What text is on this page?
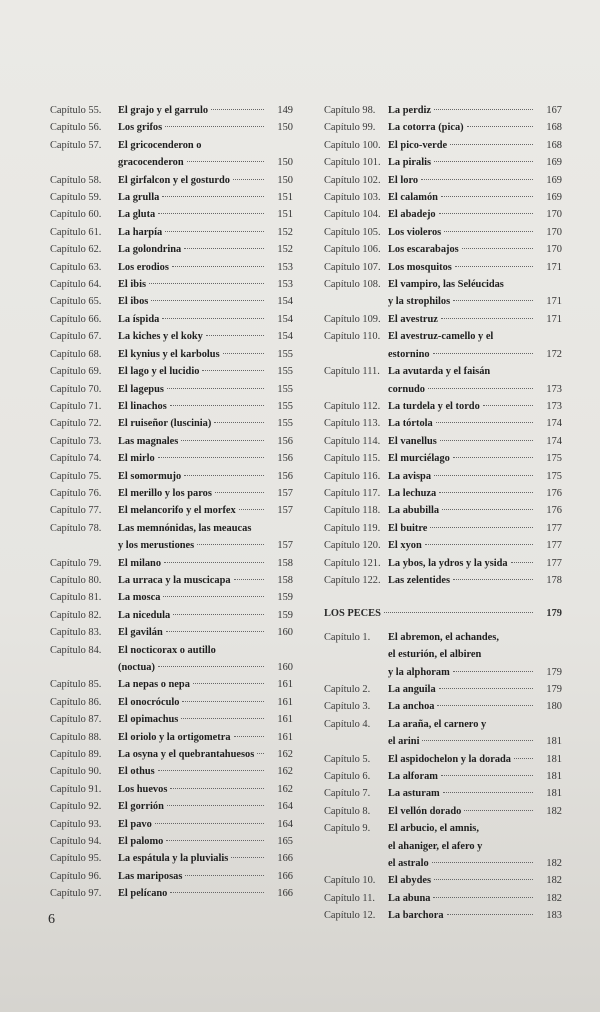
Capítulo 55.	El grajo y el garrulo	149
Capítulo 56.	Los grifos	150
Capítulo 57.	El gricocenderon o
gracocenderon	150
Capítulo 58.	El girfalcon y el gosturdo	150
Capítulo 59.	La grulla	151
Capítulo 60.	La gluta	151
Capítulo 61.	La harpía	152
Capítulo 62.	La golondrina	152
Capítulo 63.	Los erodios	153
Capítulo 64.	El ibis	153
Capítulo 65.	El ibos	154
Capítulo 66.	La íspida	154
Capítulo 67.	La kiches y el koky	154
Capítulo 68.	El kynius y el karbolus	155
Capítulo 69.	El lago y el lucidio	155
Capítulo 70.	El lagepus	155
Capítulo 71.	El linachos	155
Capítulo 72.	El ruiseñor (luscinia)	155
Capítulo 73.	Las magnales	156
Capítulo 74.	El mirlo	156
Capítulo 75.	El somormujo	156
Capítulo 76.	El merillo y los paros	157
Capítulo 77.	El melancorifo y el morfex	157
Capítulo 78.	Las memnónidas, las meaucas
y los merustiones	157
Capítulo 79.	El milano	158
Capítulo 80.	La urraca y la muscicapa	158
Capítulo 81.	La mosca	159
Capítulo 82.	La nicedula	159
Capítulo 83.	El gavilán	160
Capítulo 84.	El nocticorax o autillo
(noctua)	160
Capítulo 85.	La nepas o nepa	161
Capítulo 86.	El onocróculo	161
Capítulo 87.	El opimachus	161
Capítulo 88.	El oriolo y la ortigometra	161
Capítulo 89.	La osyna y el quebrantahuesos	162
Capítulo 90.	El othus	162
Capítulo 91.	Los huevos	162
Capítulo 92.	El gorrión	164
Capítulo 93.	El pavo	164
Capítulo 94.	El palomo	165
Capítulo 95.	La espátula y la pluvialis	166
Capítulo 96.	Las mariposas	166
Capítulo 97.	El pelícano	166
Capítulo 98.	La perdiz	167
Capítulo 99.	La cotorra (pica)	168
Capítulo 100. El pico-verde	168
Capítulo 101. La piralis	169
Capítulo 102. El loro	169
Capítulo 103. El calamón	169
Capítulo 104. El abadejo	170
Capítulo 105. Los violeros	170
Capítulo 106. Los escarabajos	170
Capítulo 107. Los mosquitos	171
Capítulo 108. El vampiro, las Seléucidas
y la strophilos	171
Capítulo 109. El avestruz	171
Capítulo 110. El avestruz-camello y el
estornino	172
Capítulo 111. La avutarda y el faisán
cornudo	173
Capítulo 112. La turdela y el tordo	173
Capítulo 113. La tórtola	174
Capítulo 114. El vanellus	174
Capítulo 115. El murciélago	175
Capítulo 116. La avispa	175
Capítulo 117. La lechuza	176
Capítulo 118. La abubilla	176
Capítulo 119. El buitre	177
Capítulo 120. El xyon	177
Capítulo 121. La ybos, la ydros y la ysida	177
Capítulo 122. Las zelentides	178
LOS PECES	179
Capítulo 1.	El abremon, el achandes,
el esturión, el albiren
y la alphoram	179
Capítulo 2.	La anguila	179
Capítulo 3.	La anchoa	180
Capítulo 4.	La araña, el carnero y
el arini	181
Capítulo 5.	El aspidochelon y la dorada	181
Capítulo 6.	La alforam	181
Capítulo 7.	La asturam	181
Capítulo 8.	El vellón dorado	182
Capítulo 9.	El arbucio, el amnis,
el ahaniger, el afero y
el astralo	182
Capítulo 10.	El abydes	182
Capítulo 11.	La abuna	182
Capítulo 12.	La barchora	183
6
